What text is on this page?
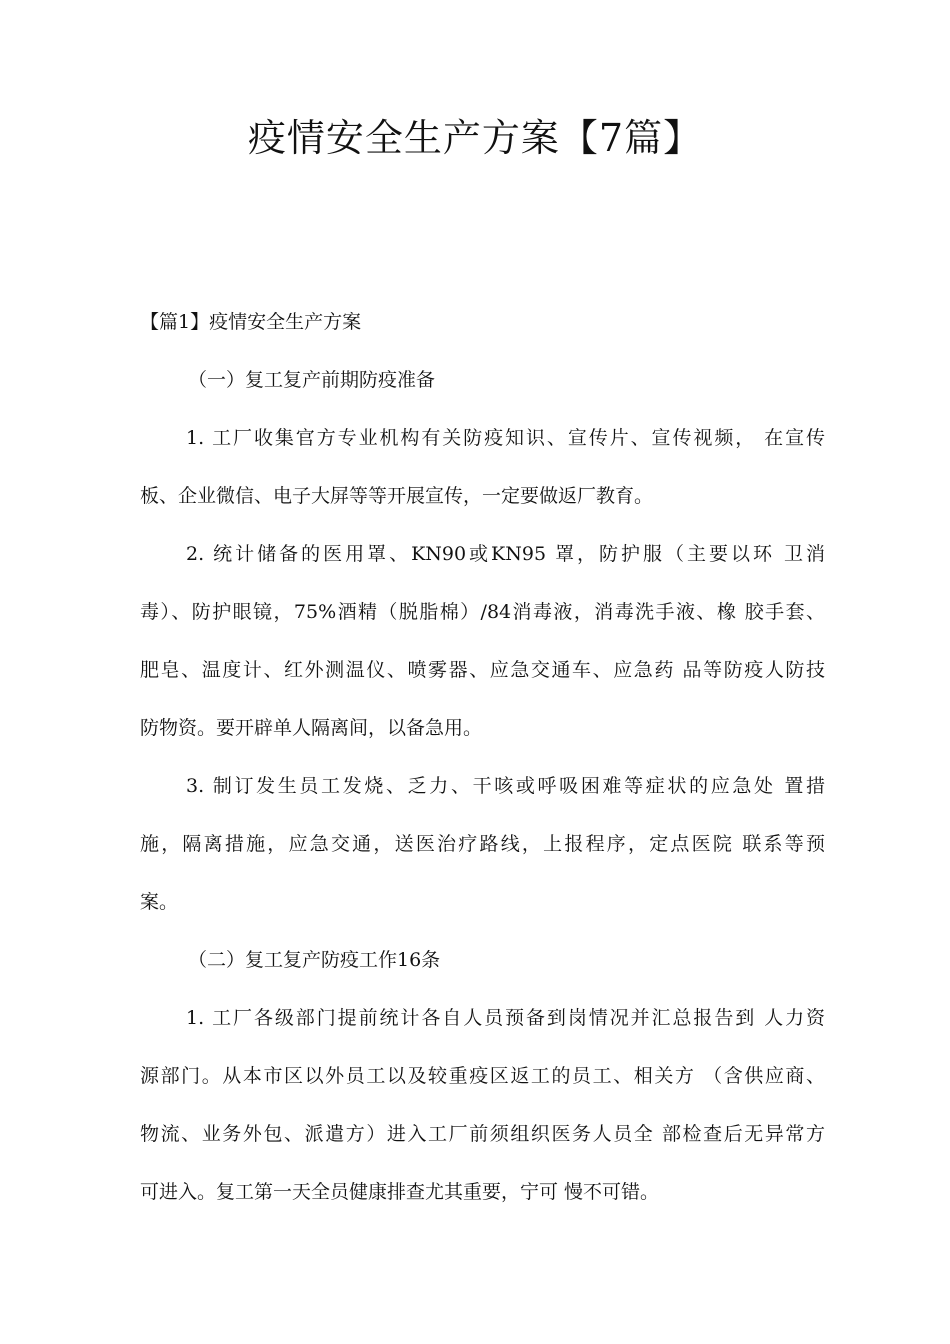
疫情安全生产方案【7篇】
【篇1】疫情安全生产方案
（一）复工复产前期防疫准备
1. 工厂收集官方专业机构有关防疫知识、宣传片、宣传视频， 在宣传
板、企业微信、电子大屏等等开展宣传，一定要做返厂教育。
2. 统计储备的医用罩、KN90或KN95 罩，防护服（主要以环 卫消
毒）、防护眼镜，75%酒精（脱脂棉）/84消毒液，消毒洗手液、橡 胶手套、
肥皂、温度计、红外测温仪、喷雾器、应急交通车、应急药 品等防疫人防技
防物资。要开辟单人隔离间，以备急用。
3. 制订发生员工发烧、乏力、干咳或呼吸困难等症状的应急处 置措
施，隔离措施，应急交通，送医治疗路线，上报程序，定点医院 联系等预
案。
（二）复工复产防疫工作16条
1. 工厂各级部门提前统计各自人员预备到岗情况并汇总报告到 人力资
源部门。从本市区以外员工以及较重疫区返工的员工、相关方 （含供应商、
物流、业务外包、派遣方）进入工厂前须组织医务人员全 部检查后无异常方
可进入。复工第一天全员健康排查尤其重要，宁可 慢不可错。
